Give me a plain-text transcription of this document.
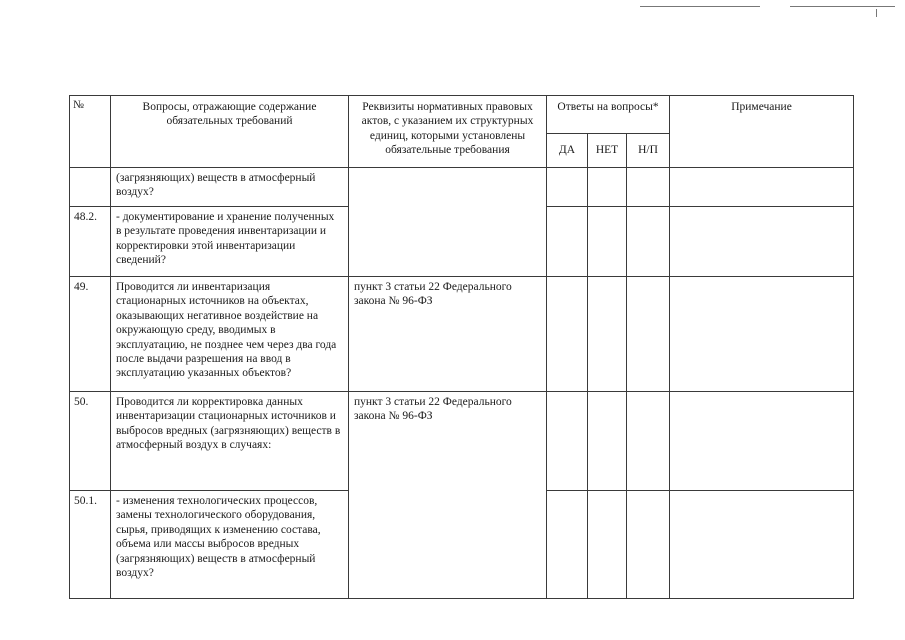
№	Вопросы, отражающие содержание обязательных требований	Реквизиты нормативных правовых актов, с указанием их структурных единиц, которыми установлены обязательные требования	Ответы на вопросы*			Примечание
			ДА	НЕТ	Н/П	
	(загрязняющих) веществ в атмосферный воздух?					
48.2.	- документирование и хранение полученных в результате проведения инвентаризации и корректировки этой инвентаризации сведений?					
49.	Проводится ли инвентаризация стационарных источников на объектах, оказывающих негативное воздействие на окружающую среду, вводимых в эксплуатацию, не позднее чем через два года после выдачи разрешения на ввод в эксплуатацию указанных объектов?	пункт 3 статьи 22 Федерального закона № 96-ФЗ				
50.	Проводится ли корректировка данных инвентаризации стационарных источников и выбросов вредных (загрязняющих) веществ в атмосферный воздух в случаях:	пункт 3 статьи 22 Федерального закона № 96-ФЗ				
50.1.	- изменения технологических процессов, замены технологического оборудования, сырья, приводящих к изменению состава, объема или массы выбросов вредных (загрязняющих) веществ в атмосферный воздух?					
